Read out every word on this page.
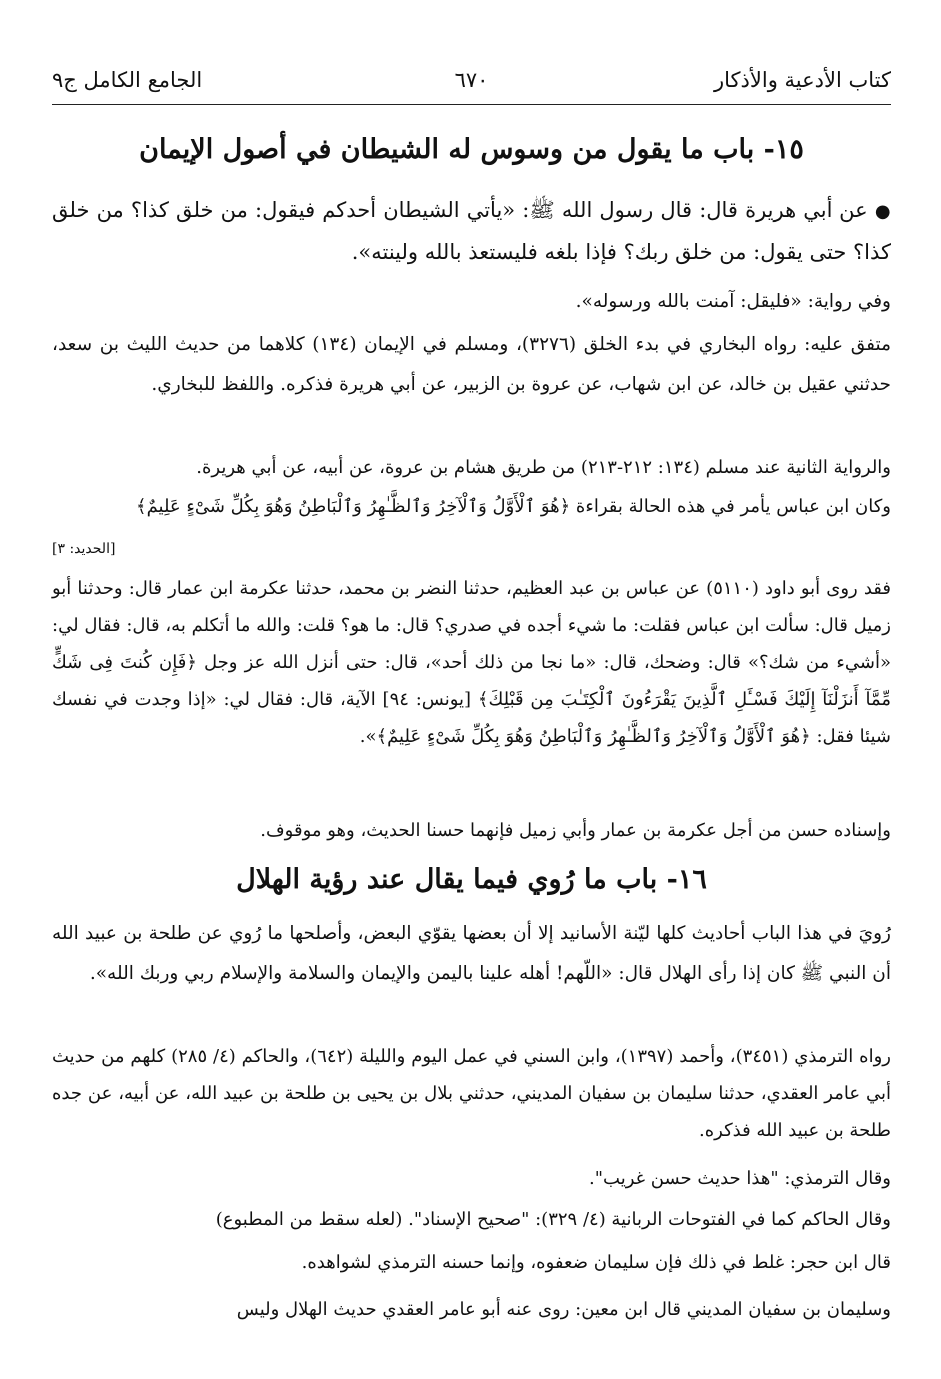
كتاب الأدعية والأذكار
٦٧٠
الجامع الكامل ج٩
١٥- باب ما يقول من وسوس له الشيطان في أصول الإيمان
● عن أبي هريرة قال: قال رسول الله ﷺ: «يأتي الشيطان أحدكم فيقول: من خلق كذا؟ من خلق كذا؟ حتى يقول: من خلق ربك؟ فإذا بلغه فليستعذ بالله ولينته».
وفي رواية: «فليقل: آمنت بالله ورسوله».
متفق عليه: رواه البخاري في بدء الخلق (٣٢٧٦)، ومسلم في الإيمان (١٣٤) كلاهما من حديث الليث بن سعد، حدثني عقيل بن خالد، عن ابن شهاب، عن عروة بن الزبير، عن أبي هريرة فذكره. واللفظ للبخاري.
والرواية الثانية عند مسلم (١٣٤: ٢١٢-٢١٣) من طريق هشام بن عروة، عن أبيه، عن أبي هريرة.
وكان ابن عباس يأمر في هذه الحالة بقراءة ﴿هُوَ ٱلْأَوَّلُ وَٱلْآخِرُ وَٱلظَّـٰهِرُ وَٱلْبَاطِنُ وَهُوَ بِكُلِّ شَىْءٍ عَلِيمٌ﴾
[الحديد: ٣]
فقد روى أبو داود (٥١١٠) عن عباس بن عبد العظيم، حدثنا النضر بن محمد، حدثنا عكرمة ابن عمار قال: وحدثنا أبو زميل قال: سألت ابن عباس فقلت: ما شيء أجده في صدري؟ قال: ما هو؟ قلت: والله ما أتكلم به، قال: فقال لي: «أشيء من شك؟» قال: وضحك، قال: «ما نجا من ذلك أحد»، قال: حتى أنزل الله عز وجل ﴿فَإِن كُنتَ فِى شَكٍّ مِّمَّآ أَنزَلْنَآ إِلَيْكَ فَسْـَٔلِ ٱلَّذِينَ يَقْرَءُونَ ٱلْكِتَـٰبَ مِن قَبْلِكَ﴾ [يونس: ٩٤] الآية، قال: فقال لي: «إذا وجدت في نفسك شيئا فقل: ﴿هُوَ ٱلْأَوَّلُ وَٱلْآخِرُ وَٱلظَّـٰهِرُ وَٱلْبَاطِنُ وَهُوَ بِكُلِّ شَىْءٍ عَلِيمٌ﴾».
وإسناده حسن من أجل عكرمة بن عمار وأبي زميل فإنهما حسنا الحديث، وهو موقوف.
١٦- باب ما رُوي فيما يقال عند رؤية الهلال
رُويَ في هذا الباب أحاديث كلها ليّنة الأسانيد إلا أن بعضها يقوّي البعض، وأصلحها ما رُوي عن طلحة بن عبيد الله أن النبي ﷺ كان إذا رأى الهلال قال: «اللّهم! أهله علينا باليمن والإيمان والسلامة والإسلام ربي وربك الله».
رواه الترمذي (٣٤٥١)، وأحمد (١٣٩٧)، وابن السني في عمل اليوم والليلة (٦٤٢)، والحاكم (٤/ ٢٨٥) كلهم من حديث أبي عامر العقدي، حدثنا سليمان بن سفيان المديني، حدثني بلال بن يحيى بن طلحة بن عبيد الله، عن أبيه، عن جده طلحة بن عبيد الله فذكره.
وقال الترمذي: "هذا حديث حسن غريب".
وقال الحاكم كما في الفتوحات الربانية (٤/ ٣٢٩): "صحيح الإسناد". (لعله سقط من المطبوع)
قال ابن حجر: غلط في ذلك فإن سليمان ضعفوه، وإنما حسنه الترمذي لشواهده.
وسليمان بن سفيان المديني قال ابن معين: روى عنه أبو عامر العقدي حديث الهلال وليس
